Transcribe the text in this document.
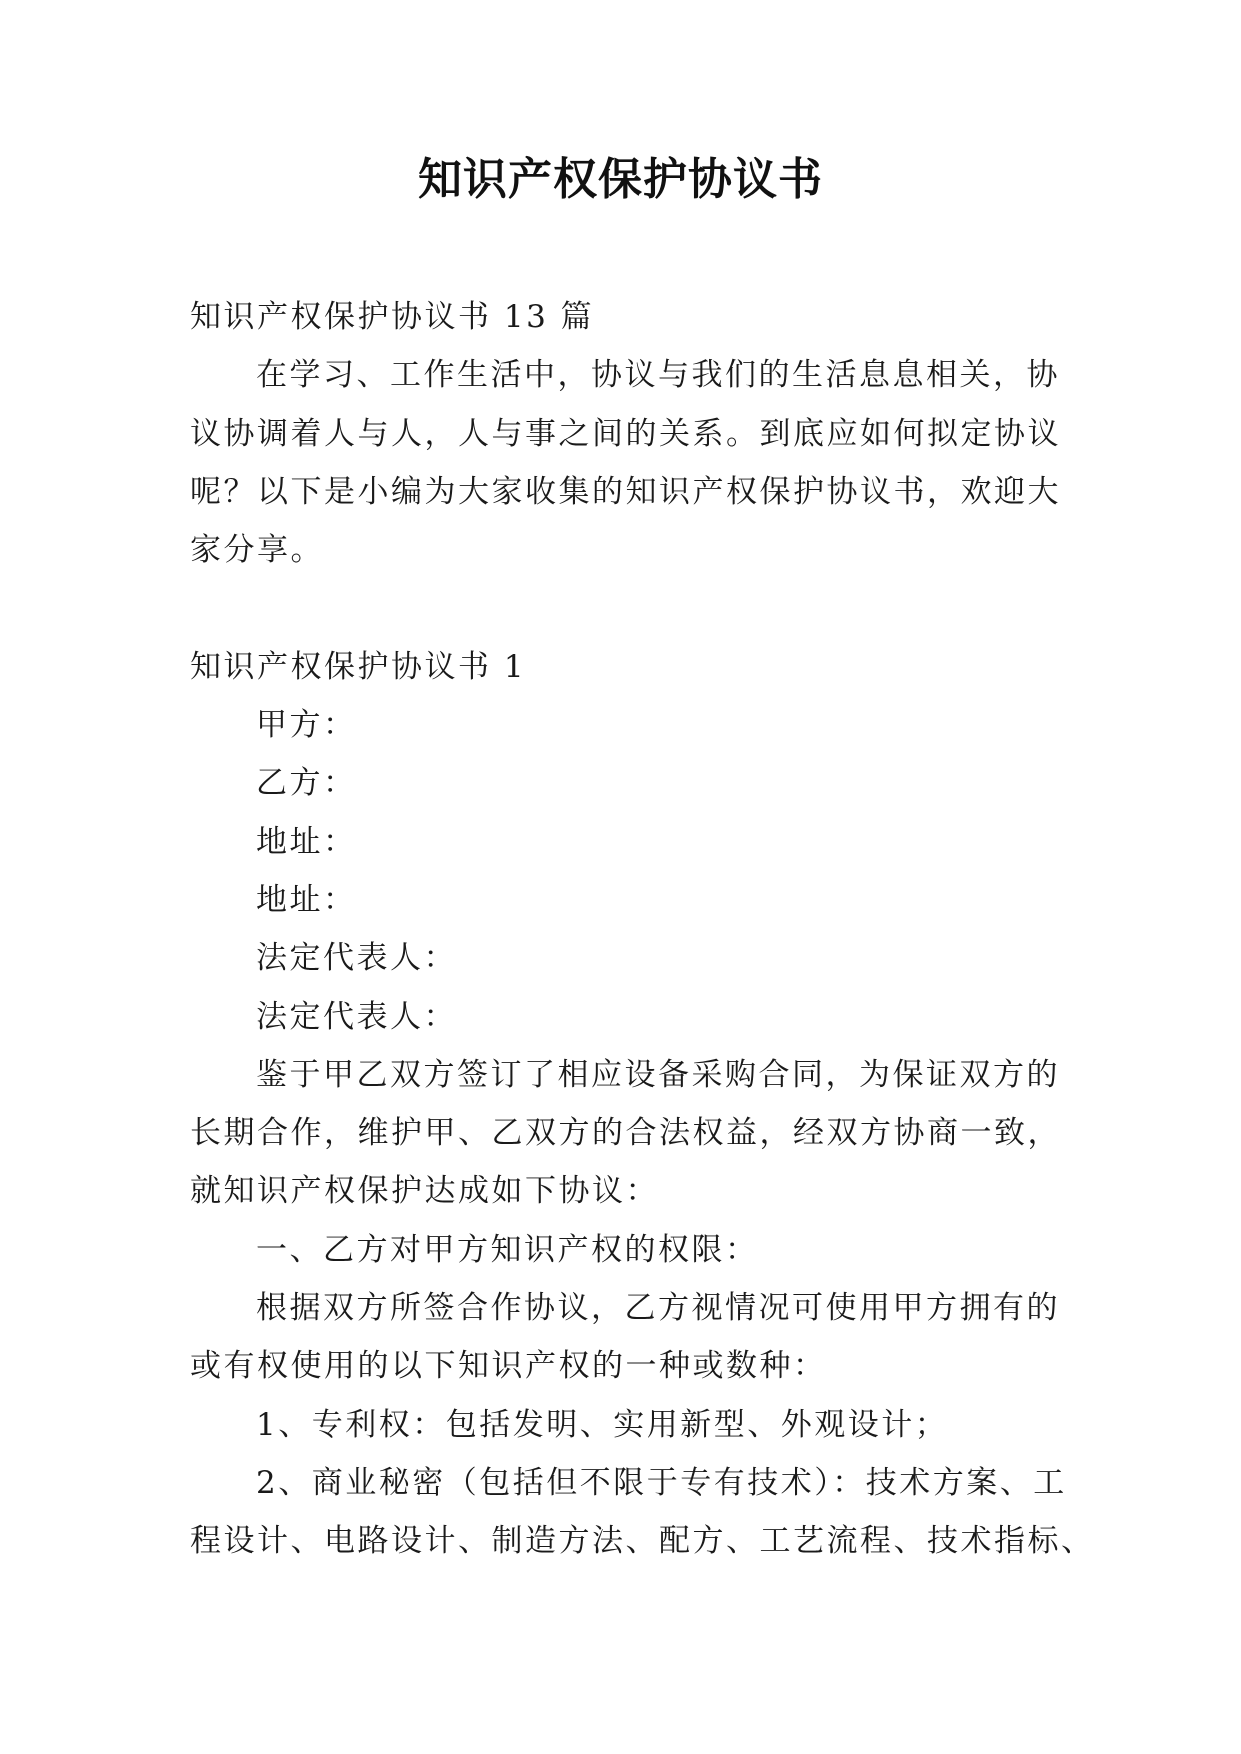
知识产权保护协议书
知识产权保护协议书 13 篇
在学习、工作生活中，协议与我们的生活息息相关，协
议协调着人与人，人与事之间的关系。到底应如何拟定协议
呢？以下是小编为大家收集的知识产权保护协议书，欢迎大
家分享。
知识产权保护协议书 1
甲方：
乙方：
地址：
地址：
法定代表人：
法定代表人：
鉴于甲乙双方签订了相应设备采购合同，为保证双方的
长期合作，维护甲、乙双方的合法权益，经双方协商一致，
就知识产权保护达成如下协议：
一、乙方对甲方知识产权的权限：
根据双方所签合作协议，乙方视情况可使用甲方拥有的
或有权使用的以下知识产权的一种或数种：
1、专利权：包括发明、实用新型、外观设计；
2、商业秘密（包括但不限于专有技术）：技术方案、工
程设计、电路设计、制造方法、配方、工艺流程、技术指标、
